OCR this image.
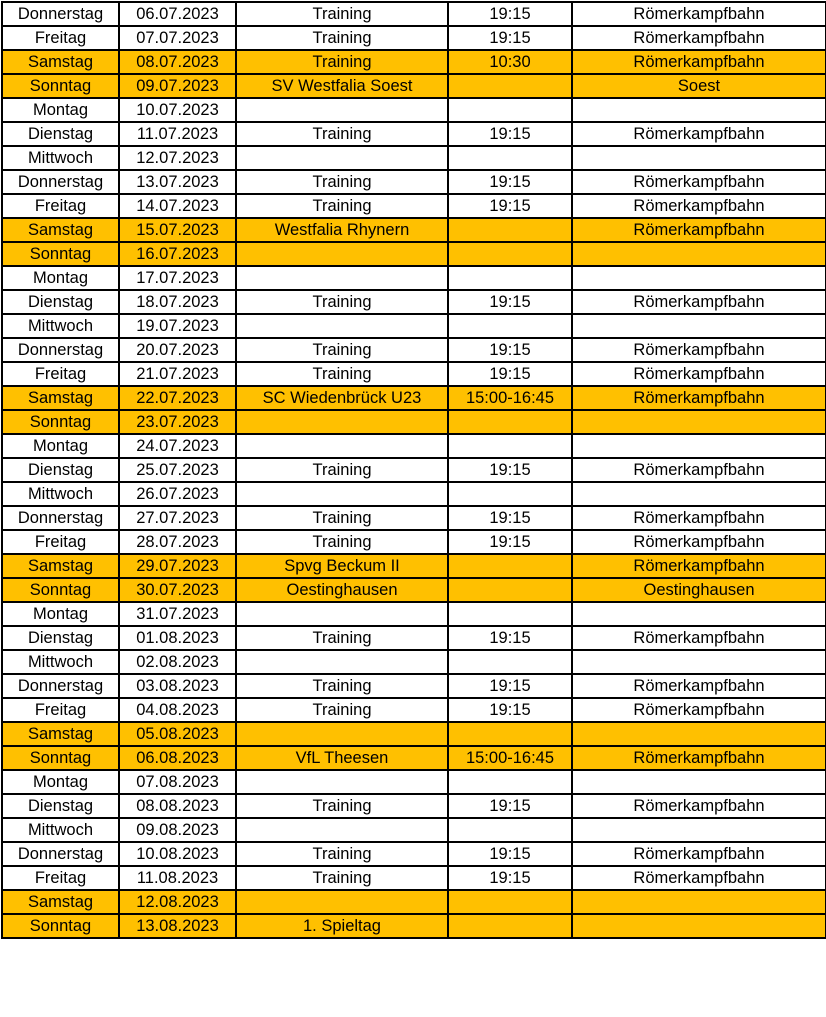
Donnerstag	06.07.2023	Training	19:15	Römerkampfbahn
Freitag	07.07.2023	Training	19:15	Römerkampfbahn
Samstag	08.07.2023	Training	10:30	Römerkampfbahn
Sonntag	09.07.2023	SV Westfalia Soest		Soest
Montag	10.07.2023			
Dienstag	11.07.2023	Training	19:15	Römerkampfbahn
Mittwoch	12.07.2023			
Donnerstag	13.07.2023	Training	19:15	Römerkampfbahn
Freitag	14.07.2023	Training	19:15	Römerkampfbahn
Samstag	15.07.2023	Westfalia Rhynern		Römerkampfbahn
Sonntag	16.07.2023			
Montag	17.07.2023			
Dienstag	18.07.2023	Training	19:15	Römerkampfbahn
Mittwoch	19.07.2023			
Donnerstag	20.07.2023	Training	19:15	Römerkampfbahn
Freitag	21.07.2023	Training	19:15	Römerkampfbahn
Samstag	22.07.2023	SC Wiedenbrück U23	15:00-16:45	Römerkampfbahn
Sonntag	23.07.2023			
Montag	24.07.2023			
Dienstag	25.07.2023	Training	19:15	Römerkampfbahn
Mittwoch	26.07.2023			
Donnerstag	27.07.2023	Training	19:15	Römerkampfbahn
Freitag	28.07.2023	Training	19:15	Römerkampfbahn
Samstag	29.07.2023	Spvg Beckum II		Römerkampfbahn
Sonntag	30.07.2023	Oestinghausen		Oestinghausen
Montag	31.07.2023			
Dienstag	01.08.2023	Training	19:15	Römerkampfbahn
Mittwoch	02.08.2023			
Donnerstag	03.08.2023	Training	19:15	Römerkampfbahn
Freitag	04.08.2023	Training	19:15	Römerkampfbahn
Samstag	05.08.2023			
Sonntag	06.08.2023	VfL Theesen	15:00-16:45	Römerkampfbahn
Montag	07.08.2023			
Dienstag	08.08.2023	Training	19:15	Römerkampfbahn
Mittwoch	09.08.2023			
Donnerstag	10.08.2023	Training	19:15	Römerkampfbahn
Freitag	11.08.2023	Training	19:15	Römerkampfbahn
Samstag	12.08.2023			
Sonntag	13.08.2023	1. Spieltag		
